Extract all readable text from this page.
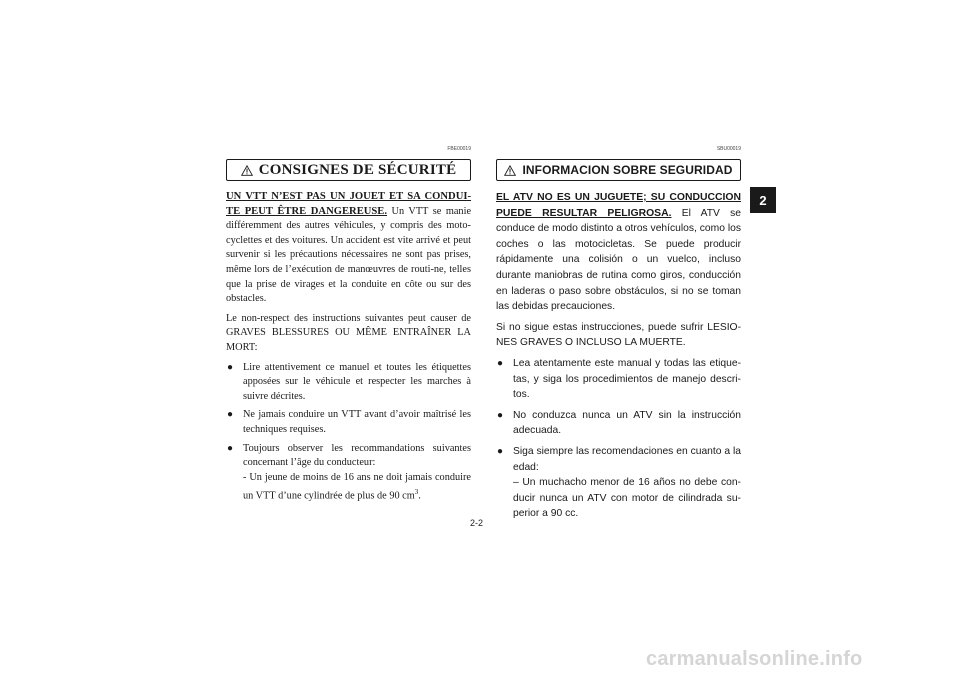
FBE00019
CONSIGNES DE SÉCURITÉ

UN VTT N’EST PAS UN JOUET ET SA CONDUI-TE PEUT ÊTRE DANGEREUSE. Un VTT se manie différemment des autres véhicules, y compris des moto-cyclettes et des voitures. Un accident est vite arrivé et peut survenir si les précautions nécessaires ne sont pas prises, même lors de l’exécution de manœuvres de routi-ne, telles que la prise de virages et la conduite en côte ou sur des obstacles.

Le non-respect des instructions suivantes peut causer de GRAVES BLESSURES OU MÊME ENTRAÎNER LA MORT:

● Lire attentivement ce manuel et toutes les étiquettes apposées sur le véhicule et respecter les marches à suivre décrites.
● Ne jamais conduire un VTT avant d’avoir maîtrisé les techniques requises.
● Toujours observer les recommandations suivantes concernant l’âge du conducteur:
- Un jeune de moins de 16 ans ne doit jamais conduire un VTT d’une cylindrée de plus de 90 $cm^3$.
SBU00019
INFORMACION SOBRE SEGURIDAD

EL ATV NO ES UN JUGUETE; SU CONDUCCION PUEDE RESULTAR PELIGROSA. El ATV se conduce de modo distinto a otros vehículos, como los coches o las motocicletas. Se puede producir rápidamente una colisión o un vuelco, incluso durante maniobras de rutina como giros, conducción en laderas o paso sobre obstáculos, si no se toman las debidas precauciones.

Si no sigue estas instrucciones, puede sufrir LESIO-NES GRAVES O INCLUSO LA MUERTE.

● Lea atentamente este manual y todas las etique-tas, y siga los procedimientos de manejo descri-tos.
● No conduzca nunca un ATV sin la instrucción adecuada.
● Siga siempre las recomendaciones en cuanto a la edad:
– Un muchacho menor de 16 años no debe con-ducir nunca un ATV con motor de cilindrada su-perior a 90 cc.
2
2-2
carmanualsonline.info
